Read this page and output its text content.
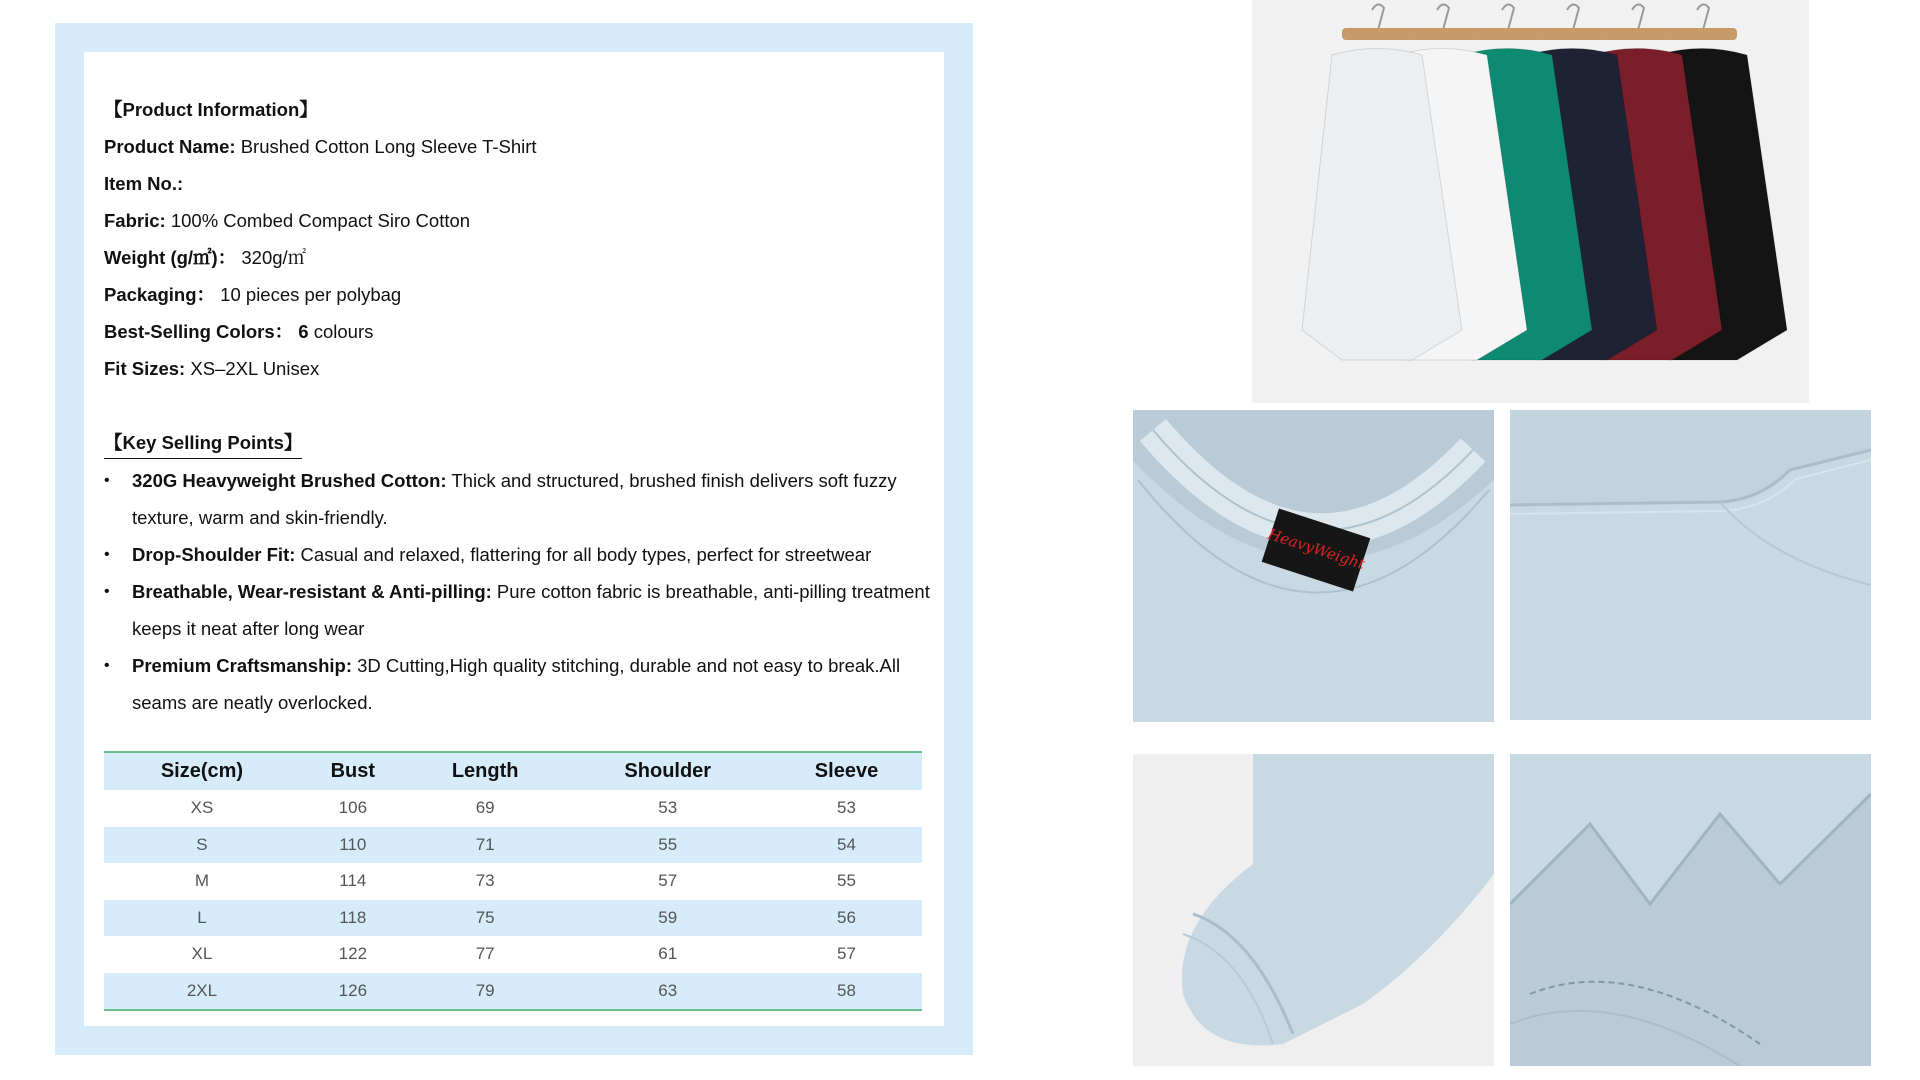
【Product Information】
Product Name: Brushed Cotton Long Sleeve T-Shirt
Item No.:
Fabric: 100% Combed Compact Siro Cotton
Weight (g/㎡)： 320g/㎡
Packaging： 10 pieces per polybag
Best-Selling Colors： 6 colours
Fit Sizes: XS–2XL Unisex
【Key Selling Points】
• 320G Heavyweight Brushed Cotton: Thick and structured, brushed finish delivers soft fuzzy texture, warm and skin-friendly.
• Drop-Shoulder Fit: Casual and relaxed, flattering for all body types, perfect for streetwear
• Breathable, Wear-resistant & Anti-pilling: Pure cotton fabric is breathable, anti-pilling treatment keeps it neat after long wear
• Premium Craftsmanship: 3D Cutting,High quality stitching, durable and not easy to break.All seams are neatly overlocked.
Size(cm)	Bust	Length	Shoulder	Sleeve
XS	106	69	53	53
S	110	71	55	54
M	114	73	57	55
L	118	75	59	56
XL	122	77	61	57
2XL	126	79	63	58
HeavyWeight
